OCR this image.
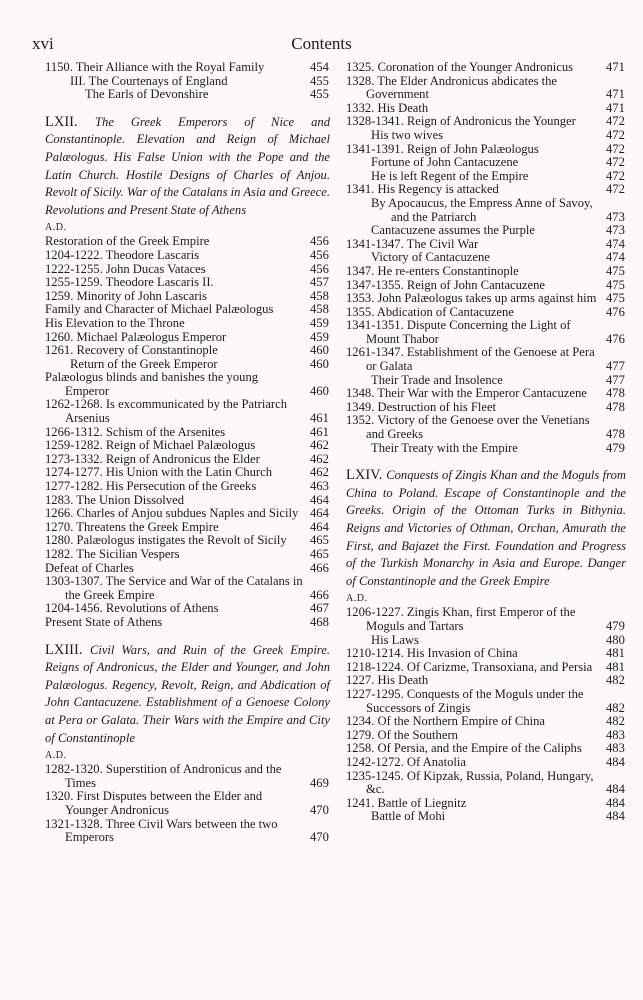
xvi	Contents
1150. Their Alliance with the Royal Family	454
III. The Courtenays of England	455
The Earls of Devonshire	455
LXII. The Greek Emperors of Nice and Constantinople. Elevation and Reign of Michael Palæologus. His False Union with the Pope and the Latin Church. Hostile Designs of Charles of Anjou. Revolt of Sicily. War of the Catalans in Asia and Greece. Revolutions and Present State of Athens
A.D.
Restoration of the Greek Empire	456
1204-1222. Theodore Lascaris	456
1222-1255. John Ducas Vataces	456
1255-1259. Theodore Lascaris II.	457
1259. Minority of John Lascaris	458
Family and Character of Michael Palæologus	458
His Elevation to the Throne	459
1260. Michael Palæologus Emperor	459
1261. Recovery of Constantinople	460
Return of the Greek Emperor	460
Palæologus blinds and banishes the young Emperor	460
1262-1268. Is excommunicated by the Patriarch Arsenius	461
1266-1312. Schism of the Arsenites	461
1259-1282. Reign of Michael Palæologus	462
1273-1332. Reign of Andronicus the Elder	462
1274-1277. His Union with the Latin Church	462
1277-1282. His Persecution of the Greeks	463
1283. The Union Dissolved	464
1266. Charles of Anjou subdues Naples and Sicily 464
1270. Threatens the Greek Empire	464
1280. Palæologus instigates the Revolt of Sicily 465
1282. The Sicilian Vespers	465
Defeat of Charles	466
1303-1307. The Service and War of the Catalans in the Greek Empire	466
1204-1456. Revolutions of Athens	467
Present State of Athens	468
LXIII. Civil Wars, and Ruin of the Greek Empire. Reigns of Andronicus, the Elder and Younger, and John Palæologus. Regency, Revolt, Reign, and Abdication of John Cantacuzene. Establishment of a Genoese Colony at Pera or Galata. Their Wars with the Empire and City of Constantinople
A.D.
1282-1320. Superstition of Andronicus and the Times	469
1320. First Disputes between the Elder and Younger Andronicus	470
1321-1328. Three Civil Wars between the two Emperors	470
1325. Coronation of the Younger Andronicus	471
1328. The Elder Andronicus abdicates the Government	471
1332. His Death	471
1328-1341. Reign of Andronicus the Younger 472
His two wives	472
1341-1391. Reign of John Palæologus	472
Fortune of John Cantacuzene	472
He is left Regent of the Empire	472
1341. His Regency is attacked	472
By Apocaucus, the Empress Anne of Savoy, and the Patriarch	473
Cantacuzene assumes the Purple	473
1341-1347. The Civil War	474
Victory of Cantacuzene	474
1347. He re-enters Constantinople	475
1347-1355. Reign of John Cantacuzene	475
1353. John Palæologus takes up arms against him 475
1355. Abdication of Cantacuzene	476
1341-1351. Dispute Concerning the Light of Mount Thabor	476
1261-1347. Establishment of the Genoese at Pera or Galata	477
Their Trade and Insolence	477
1348. Their War with the Emperor Cantacuzene 478
1349. Destruction of his Fleet	478
1352. Victory of the Genoese over the Venetians and Greeks	478
Their Treaty with the Empire	479
LXIV. Conquests of Zingis Khan and the Moguls from China to Poland. Escape of Constantinople and the Greeks. Origin of the Ottoman Turks in Bithynia. Reigns and Victories of Othman, Orchan, Amurath the First, and Bajazet the First. Foundation and Progress of the Turkish Monarchy in Asia and Europe. Danger of Constantinople and the Greek Empire
A.D.
1206-1227. Zingis Khan, first Emperor of the Moguls and Tartars	479
His Laws	480
1210-1214. His Invasion of China	481
1218-1224. Of Carizme, Transoxiana, and Persia 481
1227. His Death	482
1227-1295. Conquests of the Moguls under the Successors of Zingis	482
1234. Of the Northern Empire of China	482
1279. Of the Southern	483
1258. Of Persia, and the Empire of the Caliphs 483
1242-1272. Of Anatolia	484
1235-1245. Of Kipzak, Russia, Poland, Hungary, &c.	484
1241. Battle of Liegnitz	484
Battle of Mohi	484
